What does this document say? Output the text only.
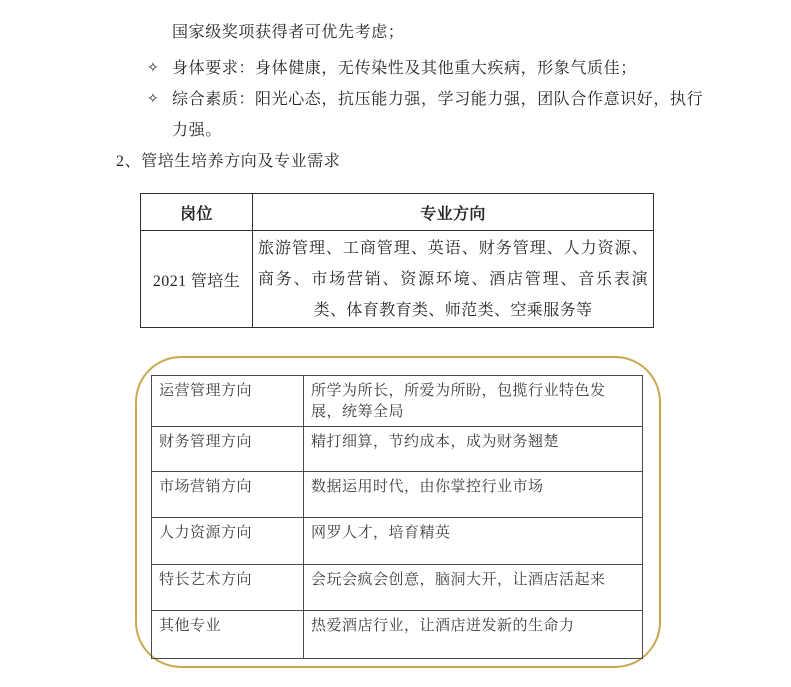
国家级奖项获得者可优先考虑；
✧ 身体要求：身体健康，无传染性及其他重大疾病，形象气质佳；
✧ 综合素质：阳光心态，抗压能力强，学习能力强，团队合作意识好，执行力强。
2、管培生培养方向及专业需求
岗位	专业方向
2021 管培生	旅游管理、工商管理、英语、财务管理、人力资源、商务、市场营销、资源环境、酒店管理、音乐表演类、体育教育类、师范类、空乘服务等
运营管理方向	所学为所长，所爱为所盼，包揽行业特色发展，统筹全局
财务管理方向	精打细算，节约成本，成为财务翘楚
市场营销方向	数据运用时代，由你掌控行业市场
人力资源方向	网罗人才，培育精英
特长艺术方向	会玩会疯会创意，脑洞大开，让酒店活起来
其他专业	热爱酒店行业，让酒店迸发新的生命力
